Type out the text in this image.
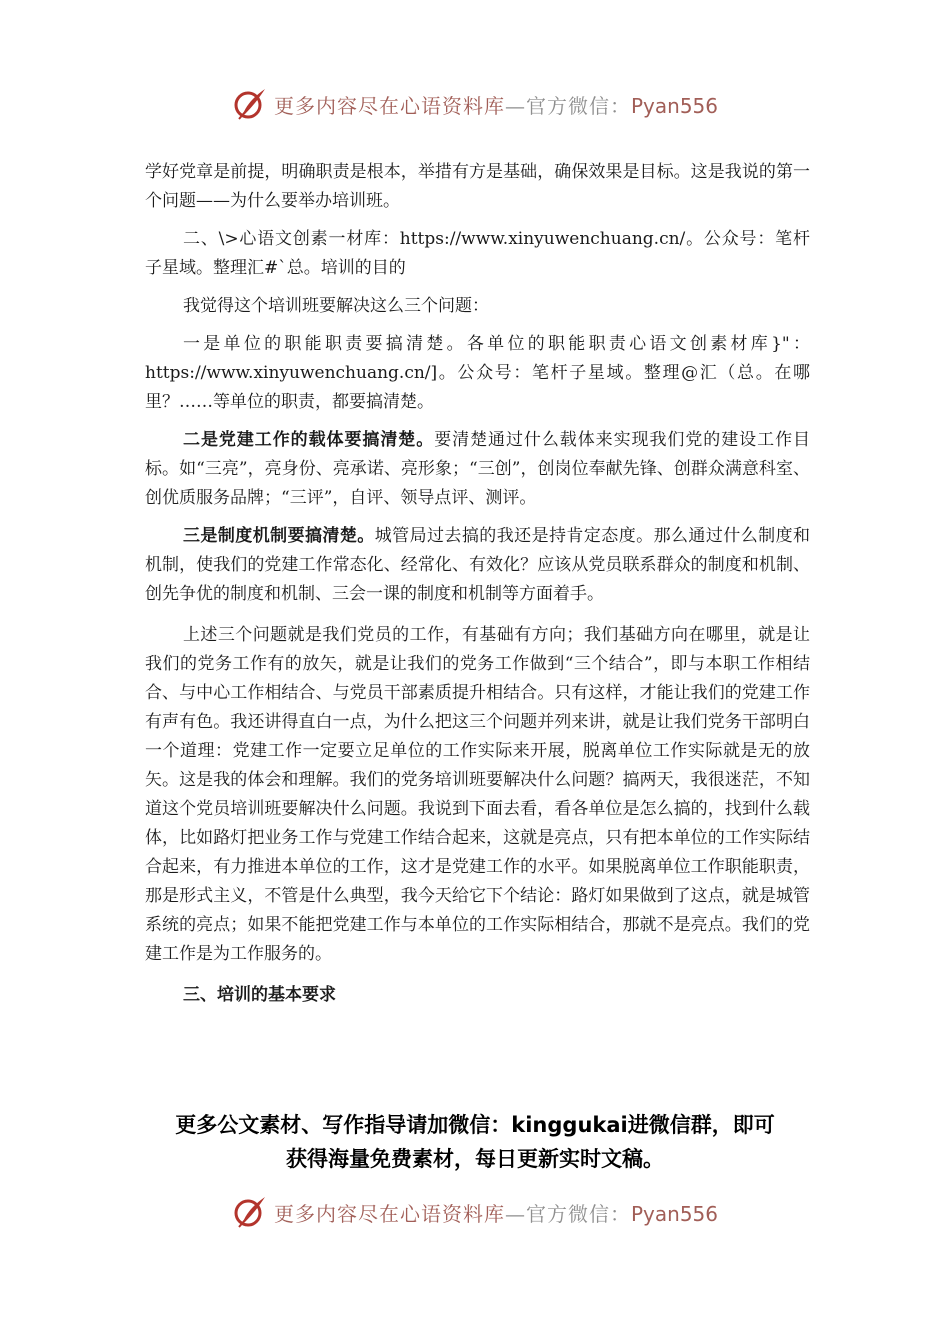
更多内容尽在心语资料库—官方微信：Pyan556

学好党章是前提，明确职责是根本，举措有方是基础，确保效果是目标。这是我说的第一个问题——为什么要举办培训班。

二、\>心语文创素一材库：https://www.xinyuwenchuang.cn/。公众号：笔杆子星域。整理汇#`总。培训的目的

我觉得这个培训班要解决这么三个问题：

一是单位的职能职责要搞清楚。各单位的职能职责心语文创素材库}"：https://www.xinyuwenchuang.cn/]。公众号：笔杆子星域。整理@汇（总。在哪里？……等单位的职责，都要搞清楚。

二是党建工作的载体要搞清楚。要清楚通过什么载体来实现我们党的建设工作目标。如“三亮”，亮身份、亮承诺、亮形象；“三创”，创岗位奉献先锋、创群众满意科室、创优质服务品牌；“三评”，自评、领导点评、测评。

三是制度机制要搞清楚。城管局过去搞的我还是持肯定态度。那么通过什么制度和机制，使我们的党建工作常态化、经常化、有效化？应该从党员联系群众的制度和机制、创先争优的制度和机制、三会一课的制度和机制等方面着手。

上述三个问题就是我们党员的工作，有基础有方向；我们基础方向在哪里，就是让我们的党务工作有的放矢，就是让我们的党务工作做到“三个结合”，即与本职工作相结合、与中心工作相结合、与党员干部素质提升相结合。只有这样，才能让我们的党建工作有声有色。我还讲得直白一点，为什么把这三个问题并列来讲，就是让我们党务干部明白一个道理：党建工作一定要立足单位的工作实际来开展，脱离单位工作实际就是无的放矢。这是我的体会和理解。我们的党务培训班要解决什么问题？搞两天，我很迷茫，不知道这个党员培训班要解决什么问题。我说到下面去看，看各单位是怎么搞的，找到什么载体，比如路灯把业务工作与党建工作结合起来，这就是亮点，只有把本单位的工作实际结合起来，有力推进本单位的工作，这才是党建工作的水平。如果脱离单位工作职能职责，那是形式主义，不管是什么典型，我今天给它下个结论：路灯如果做到了这点，就是城管系统的亮点；如果不能把党建工作与本单位的工作实际相结合，那就不是亮点。我们的党建工作是为工作服务的。

三、培训的基本要求

更多公文素材、写作指导请加微信：kinggukai进微信群，即可
获得海量免费素材，每日更新实时文稿。
更多内容尽在心语资料库—官方微信：Pyan556
